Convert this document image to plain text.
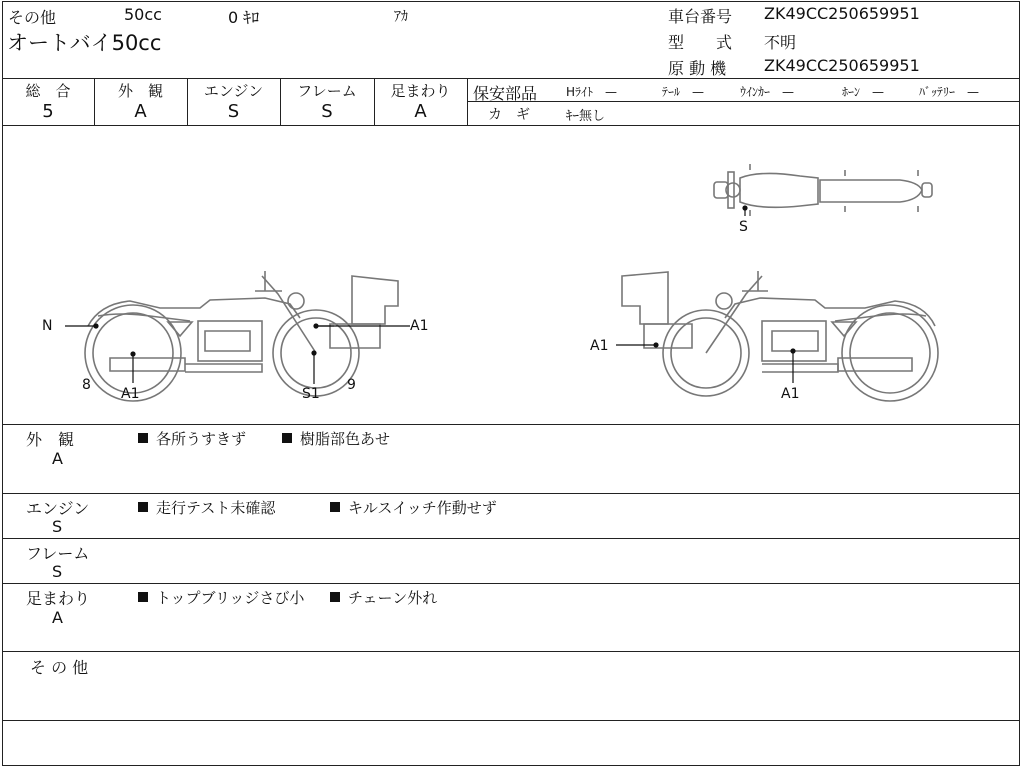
その他	50cc	0 ｷﾛ	ｱｶ
オートバイ50cc
車台番号 ZK49CC250659951
型　　式 不明
原 動 機 ZK49CC250659951
総　合
5
外　観
A
エンジン
S
フレーム
S
足まわり
A
保安部品 Hﾗｲﾄ　—	ﾃｰﾙ　—	ｳｲﾝｶｰ　—	ﾎｰﾝ　—	ﾊﾞｯﾃﾘｰ　—
カ　ギ	ｷｰ無し
S
N
8
A1	S1
9
A1
A1
A1
外　観
A
各所うすきず	樹脂部色あせ
エンジン
S
走行テスト未確認	キルスイッチ作動せず
フレーム
S
足まわり
A
トップブリッジさび小	チェーン外れ
そ の 他
